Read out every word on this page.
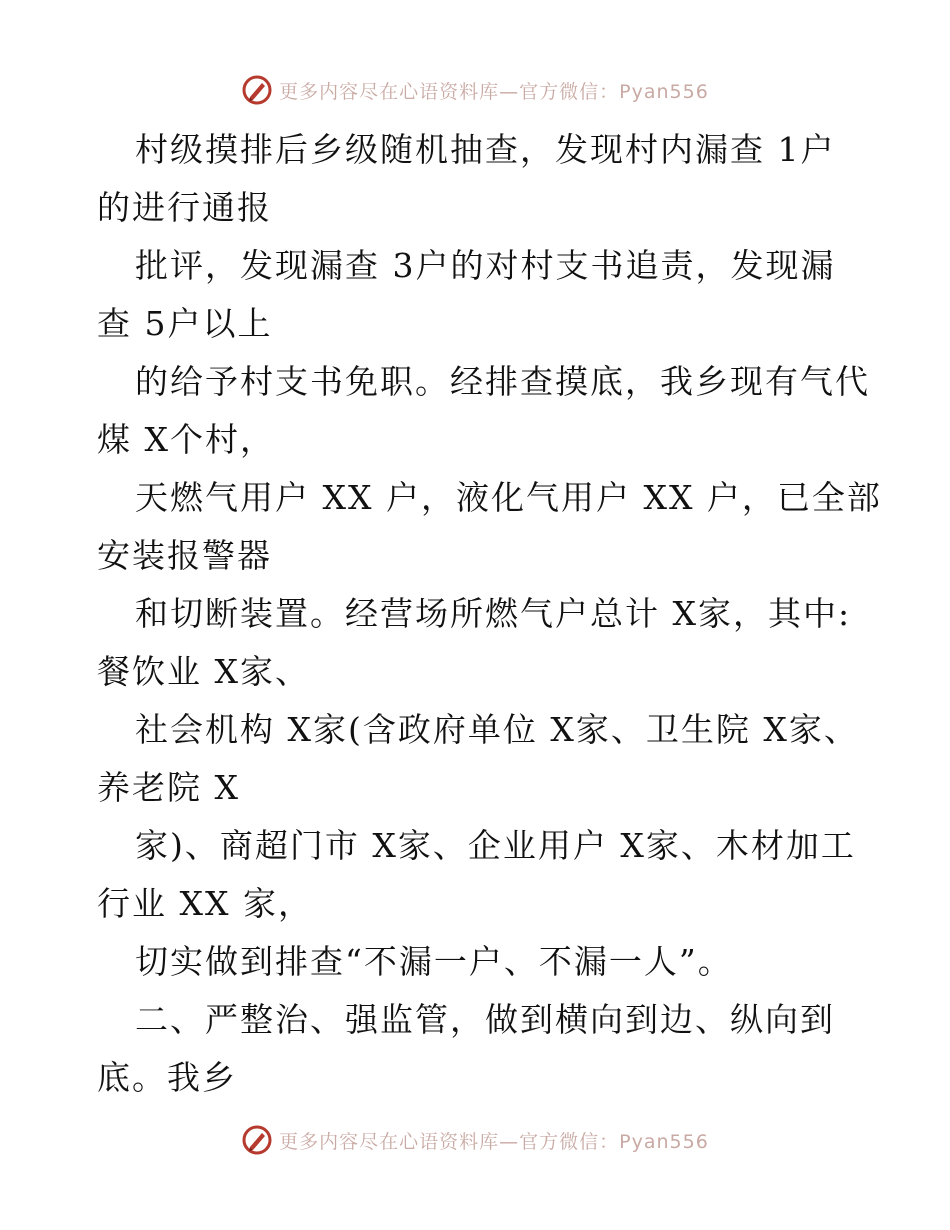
更多内容尽在心语资料库—官方微信：Pyan556
村级摸排后乡级随机抽查，发现村内漏查 1户
的进行通报
批评，发现漏查 3户的对村支书追责，发现漏
查 5户以上
的给予村支书免职。经排查摸底，我乡现有气代
煤 X个村，
天燃气用户 XX 户，液化气用户 XX 户，已全部
安装报警器
和切断装置。经营场所燃气户总计 X家，其中:
餐饮业 X家、
社会机构 X家(含政府单位 X家、卫生院 X家、
养老院 X
家)、商超门市 X家、企业用户 X家、木材加工
行业 XX 家，
切实做到排查“不漏一户、不漏一人”。
二、严整治、强监管，做到横向到边、纵向到
底。我乡
更多内容尽在心语资料库—官方微信：Pyan556
